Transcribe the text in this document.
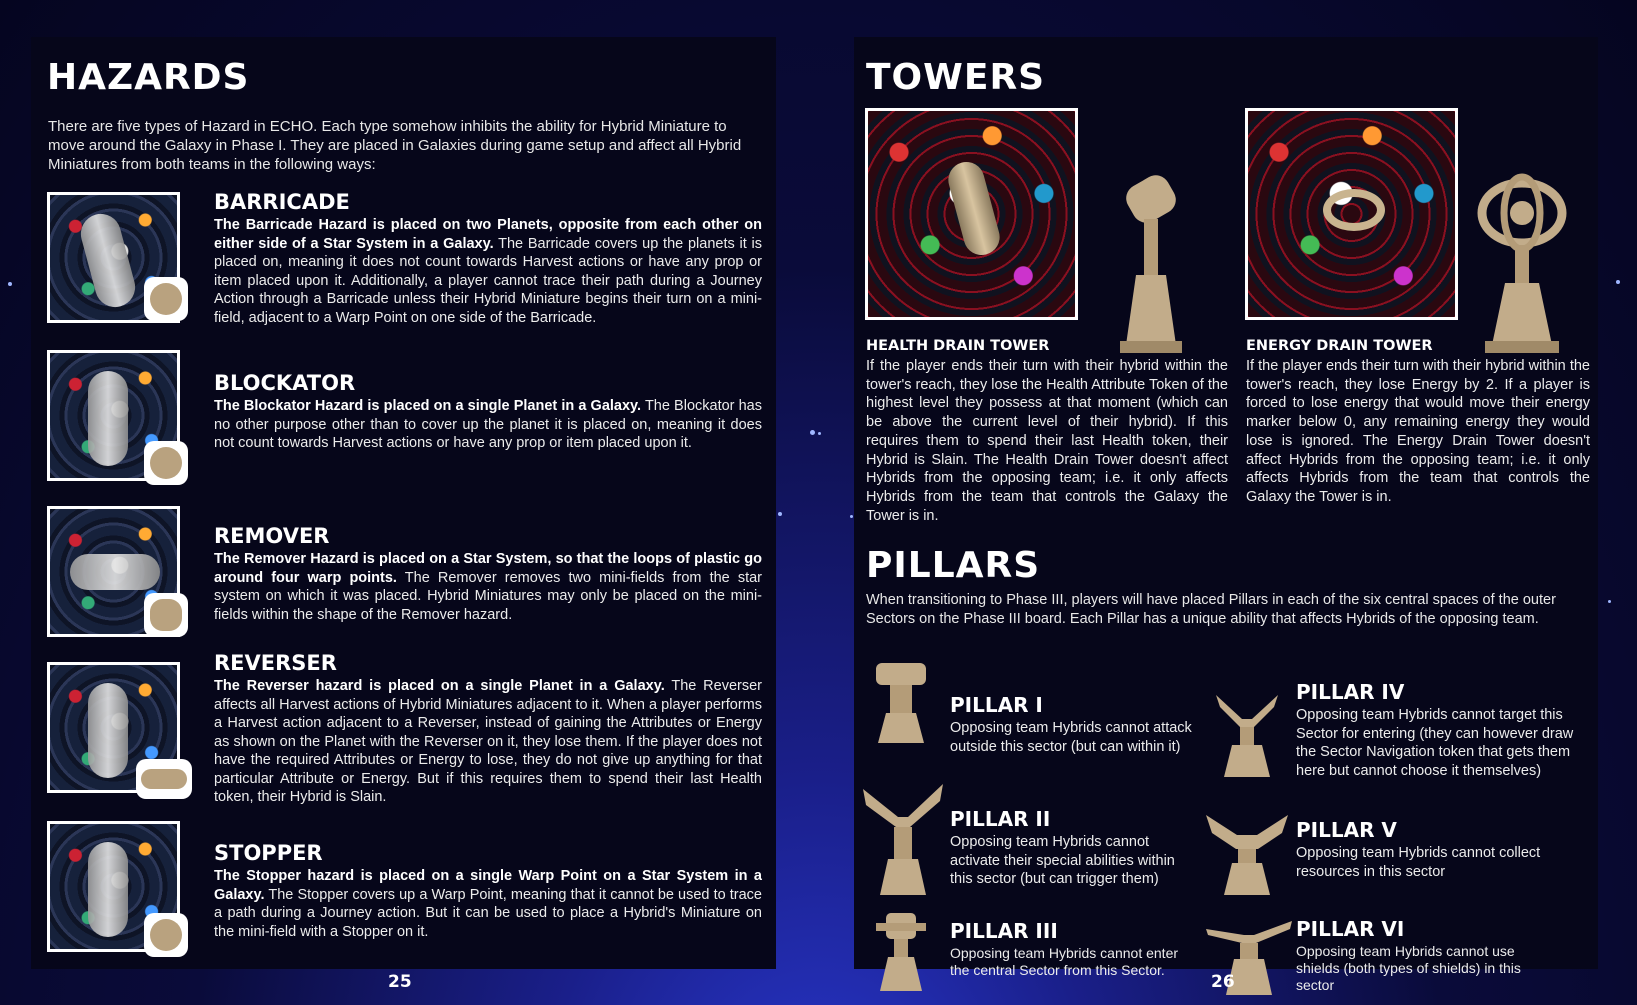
HAZARDS

There are five types of Hazard in ECHO. Each type somehow inhibits the ability for Hybrid Miniature to move around the Galaxy in Phase I. They are placed in Galaxies during game setup and affect all Hybrid Miniatures from both teams in the following ways:

BARRICADE

The Barricade Hazard is placed on two Planets, opposite from each other on either side of a Star System in a Galaxy. The Barricade covers up the planets it is placed on, meaning it does not count towards Harvest actions or have any prop or item placed upon it. Additionally, a player cannot trace their path during a Journey Action through a Barricade unless their Hybrid Miniature begins their turn on a mini-field, adjacent to a Warp Point on one side of the Barricade.

BLOCKATOR

The Blockator Hazard is placed on a single Planet in a Galaxy. The Blockator has no other purpose other than to cover up the planet it is placed on, meaning it does not count towards Harvest actions or have any prop or item placed upon it.

REMOVER

The Remover Hazard is placed on a Star System, so that the loops of plastic go around four warp points. The Remover removes two mini-fields from the star system on which it was placed. Hybrid Miniatures may only be placed on the mini-fields within the shape of the Remover hazard.

REVERSER

The Reverser hazard is placed on a single Planet in a Galaxy. The Reverser affects all Harvest actions of Hybrid Miniatures adjacent to it. When a player performs a Harvest action adjacent to a Reverser, instead of gaining the Attributes or Energy as shown on the Planet with the Reverser on it, they lose them. If the player does not have the required Attributes or Energy to lose, they do not give up anything for that particular Attribute or Energy. But if this requires them to spend their last Health token, their Hybrid is Slain.

STOPPER

The Stopper hazard is placed on a single Warp Point on a Star System in a Galaxy. The Stopper covers up a Warp Point, meaning that it cannot be used to trace a path during a Journey action. But it can be used to place a Hybrid's Miniature on the mini-field with a Stopper on it.

25
TOWERS
HEALTH DRAIN TOWER

If the player ends their turn with their hybrid within the tower's reach, they lose the Health Attribute Token of the highest level they possess at that moment (which can be above the current level of their hybrid). If this requires them to spend their last Health token, their Hybrid is Slain. The Health Drain Tower doesn't affect Hybrids from the opposing team; i.e. it only affects Hybrids from the team that controls the Galaxy the Tower is in.

ENERGY DRAIN TOWER

If the player ends their turn with their hybrid within the tower's reach, they lose Energy by 2. If a player is forced to lose energy that would move their energy marker below 0, any remaining energy they would lose is ignored. The Energy Drain Tower doesn't affect Hybrids from the opposing team; i.e. it only affects Hybrids from the team that controls the Galaxy the Tower is in.

PILLARS

When transitioning to Phase III, players will have placed Pillars in each of the six central spaces of the outer Sectors on the Phase III board. Each Pillar has a unique ability that affects Hybrids of the opposing team.

PILLAR I

Opposing team Hybrids cannot attack outside this sector (but can within it)

PILLAR II

Opposing team Hybrids cannot activate their special abilities within this sector (but can trigger them)

PILLAR III

Opposing team Hybrids cannot enter the central Sector from this Sector.

PILLAR IV

Opposing team Hybrids cannot target this Sector for entering (they can however draw the Sector Navigation token that gets them here but cannot choose it themselves)

PILLAR V

Opposing team Hybrids cannot collect resources in this sector

PILLAR VI

Opposing team Hybrids cannot use shields (both types of shields) in this sector

26
